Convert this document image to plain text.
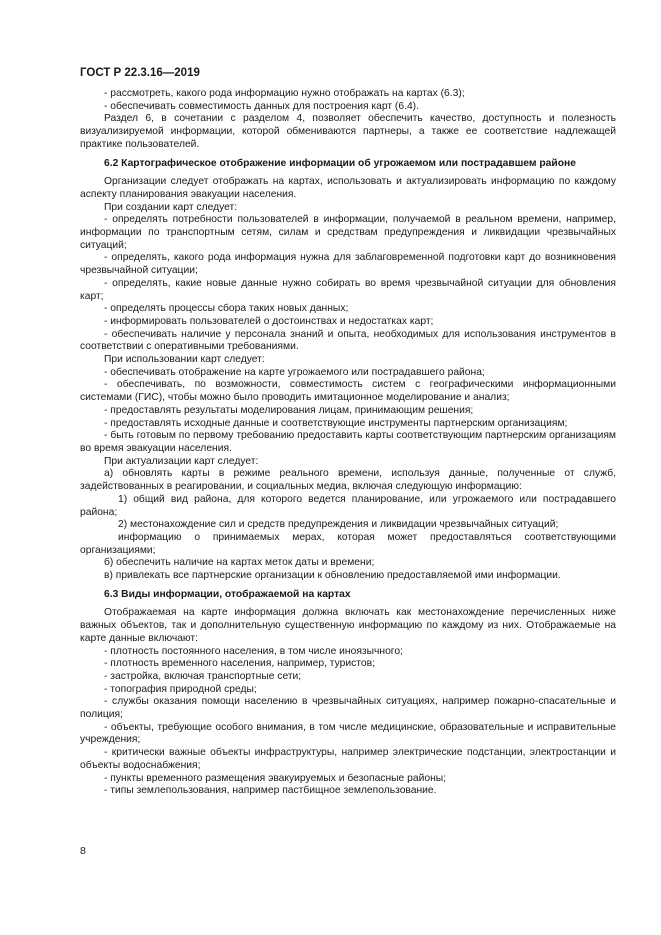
ГОСТ Р 22.3.16—2019

- рассмотреть, какого рода информацию нужно отображать на картах (6.3);

- обеспечивать совместимость данных для построения карт (6.4).

Раздел 6, в сочетании с разделом 4, позволяет обеспечить качество, доступность и полезность визуализируемой информации, которой обмениваются партнеры, а также ее соответствие надлежащей практике пользователей.

6.2 Картографическое отображение информации об угрожаемом или пострадавшем районе

Организации следует отображать на картах, использовать и актуализировать информацию по каждому аспекту планирования эвакуации населения.

При создании карт следует:

- определять потребности пользователей в информации, получаемой в реальном времени, например, информации по транспортным сетям, силам и средствам предупреждения и ликвидации чрезвычайных ситуаций;

- определять, какого рода информация нужна для заблаговременной подготовки карт до возникновения чрезвычайной ситуации;

- определять, какие новые данные нужно собирать во время чрезвычайной ситуации для обновления карт;

- определять процессы сбора таких новых данных;

- информировать пользователей о достоинствах и недостатках карт;

- обеспечивать наличие у персонала знаний и опыта, необходимых для использования инструментов в соответствии с оперативными требованиями.

При использовании карт следует:

- обеспечивать отображение на карте угрожаемого или пострадавшего района;

- обеспечивать, по возможности, совместимость систем с географическими информационными системами (ГИС), чтобы можно было проводить имитационное моделирование и анализ;

- предоставлять результаты моделирования лицам, принимающим решения;

- предоставлять исходные данные и соответствующие инструменты партнерским организациям;

- быть готовым по первому требованию предоставить карты соответствующим партнерским организациям во время эвакуации населения.

При актуализации карт следует:

а) обновлять карты в режиме реального времени, используя данные, полученные от служб, задействованных в реагировании, и социальных медиа, включая следующую информацию:

1) общий вид района, для которого ведется планирование, или угрожаемого или пострадавшего района;

2) местонахождение сил и средств предупреждения и ликвидации чрезвычайных ситуаций;

информацию о принимаемых мерах, которая может предоставляться соответствующими организациями;

б) обеспечить наличие на картах меток даты и времени;

в) привлекать все партнерские организации к обновлению предоставляемой ими информации.

6.3 Виды информации, отображаемой на картах

Отображаемая на карте информация должна включать как местонахождение перечисленных ниже важных объектов, так и дополнительную существенную информацию по каждому из них. Отображаемые на карте данные включают:

- плотность постоянного населения, в том числе иноязычного;

- плотность временного населения, например, туристов;

- застройка, включая транспортные сети;

- топография природной среды;

- службы оказания помощи населению в чрезвычайных ситуациях, например пожарно-спасательные и полиция;

- объекты, требующие особого внимания, в том числе медицинские, образовательные и исправительные учреждения;

- критически важные объекты инфраструктуры, например электрические подстанции, электростанции и объекты водоснабжения;

- пункты временного размещения эвакуируемых и безопасные районы;

- типы землепользования, например пастбищное землепользование.

8
